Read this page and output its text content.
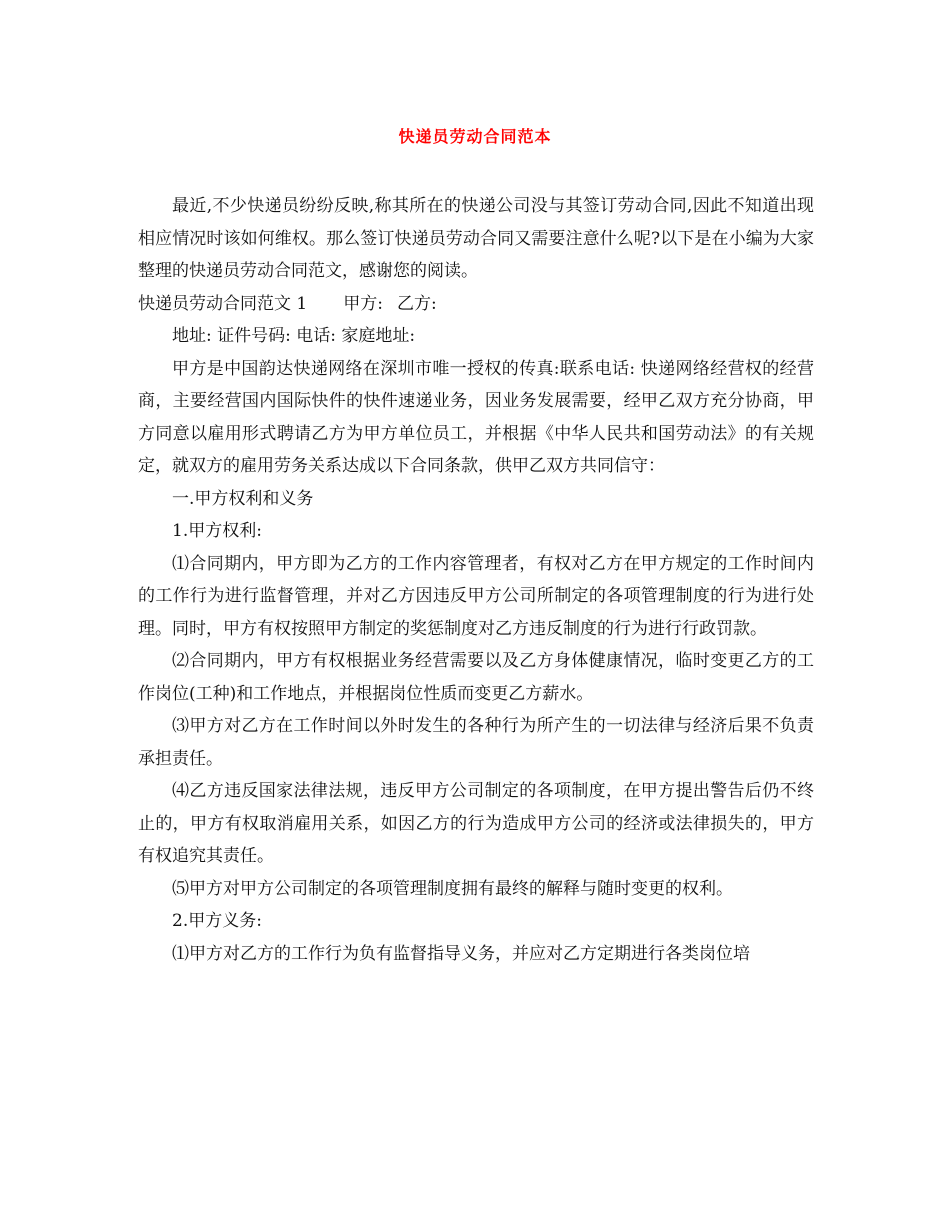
快递员劳动合同范本

最近,不少快递员纷纷反映,称其所在的快递公司没与其签订劳动合同,因此不知道出现相应情况时该如何维权。那么签订快递员劳动合同又需要注意什么呢?以下是在小编为大家整理的快递员劳动合同范文，感谢您的阅读。

快递员劳动合同范文 1 甲方: 乙方:

地址: 证件号码: 电话: 家庭地址:

甲方是中国韵达快递网络在深圳市唯一授权的传真:联系电话: 快递网络经营权的经营商，主要经营国内国际快件的快件速递业务，因业务发展需要，经甲乙双方充分协商，甲方同意以雇用形式聘请乙方为甲方单位员工，并根据《中华人民共和国劳动法》的有关规定，就双方的雇用劳务关系达成以下合同条款，供甲乙双方共同信守：

一.甲方权利和义务

1.甲方权利:

⑴合同期内，甲方即为乙方的工作内容管理者，有权对乙方在甲方规定的工作时间内的工作行为进行监督管理，并对乙方因违反甲方公司所制定的各项管理制度的行为进行处理。同时，甲方有权按照甲方制定的奖惩制度对乙方违反制度的行为进行行政罚款。

⑵合同期内，甲方有权根据业务经营需要以及乙方身体健康情况，临时变更乙方的工作岗位(工种)和工作地点，并根据岗位性质而变更乙方薪水。

⑶甲方对乙方在工作时间以外时发生的各种行为所产生的一切法律与经济后果不负责承担责任。

⑷乙方违反国家法律法规，违反甲方公司制定的各项制度，在甲方提出警告后仍不终止的，甲方有权取消雇用关系，如因乙方的行为造成甲方公司的经济或法律损失的，甲方有权追究其责任。

⑸甲方对甲方公司制定的各项管理制度拥有最终的解释与随时变更的权利。

2.甲方义务:

⑴甲方对乙方的工作行为负有监督指导义务，并应对乙方定期进行各类岗位培
